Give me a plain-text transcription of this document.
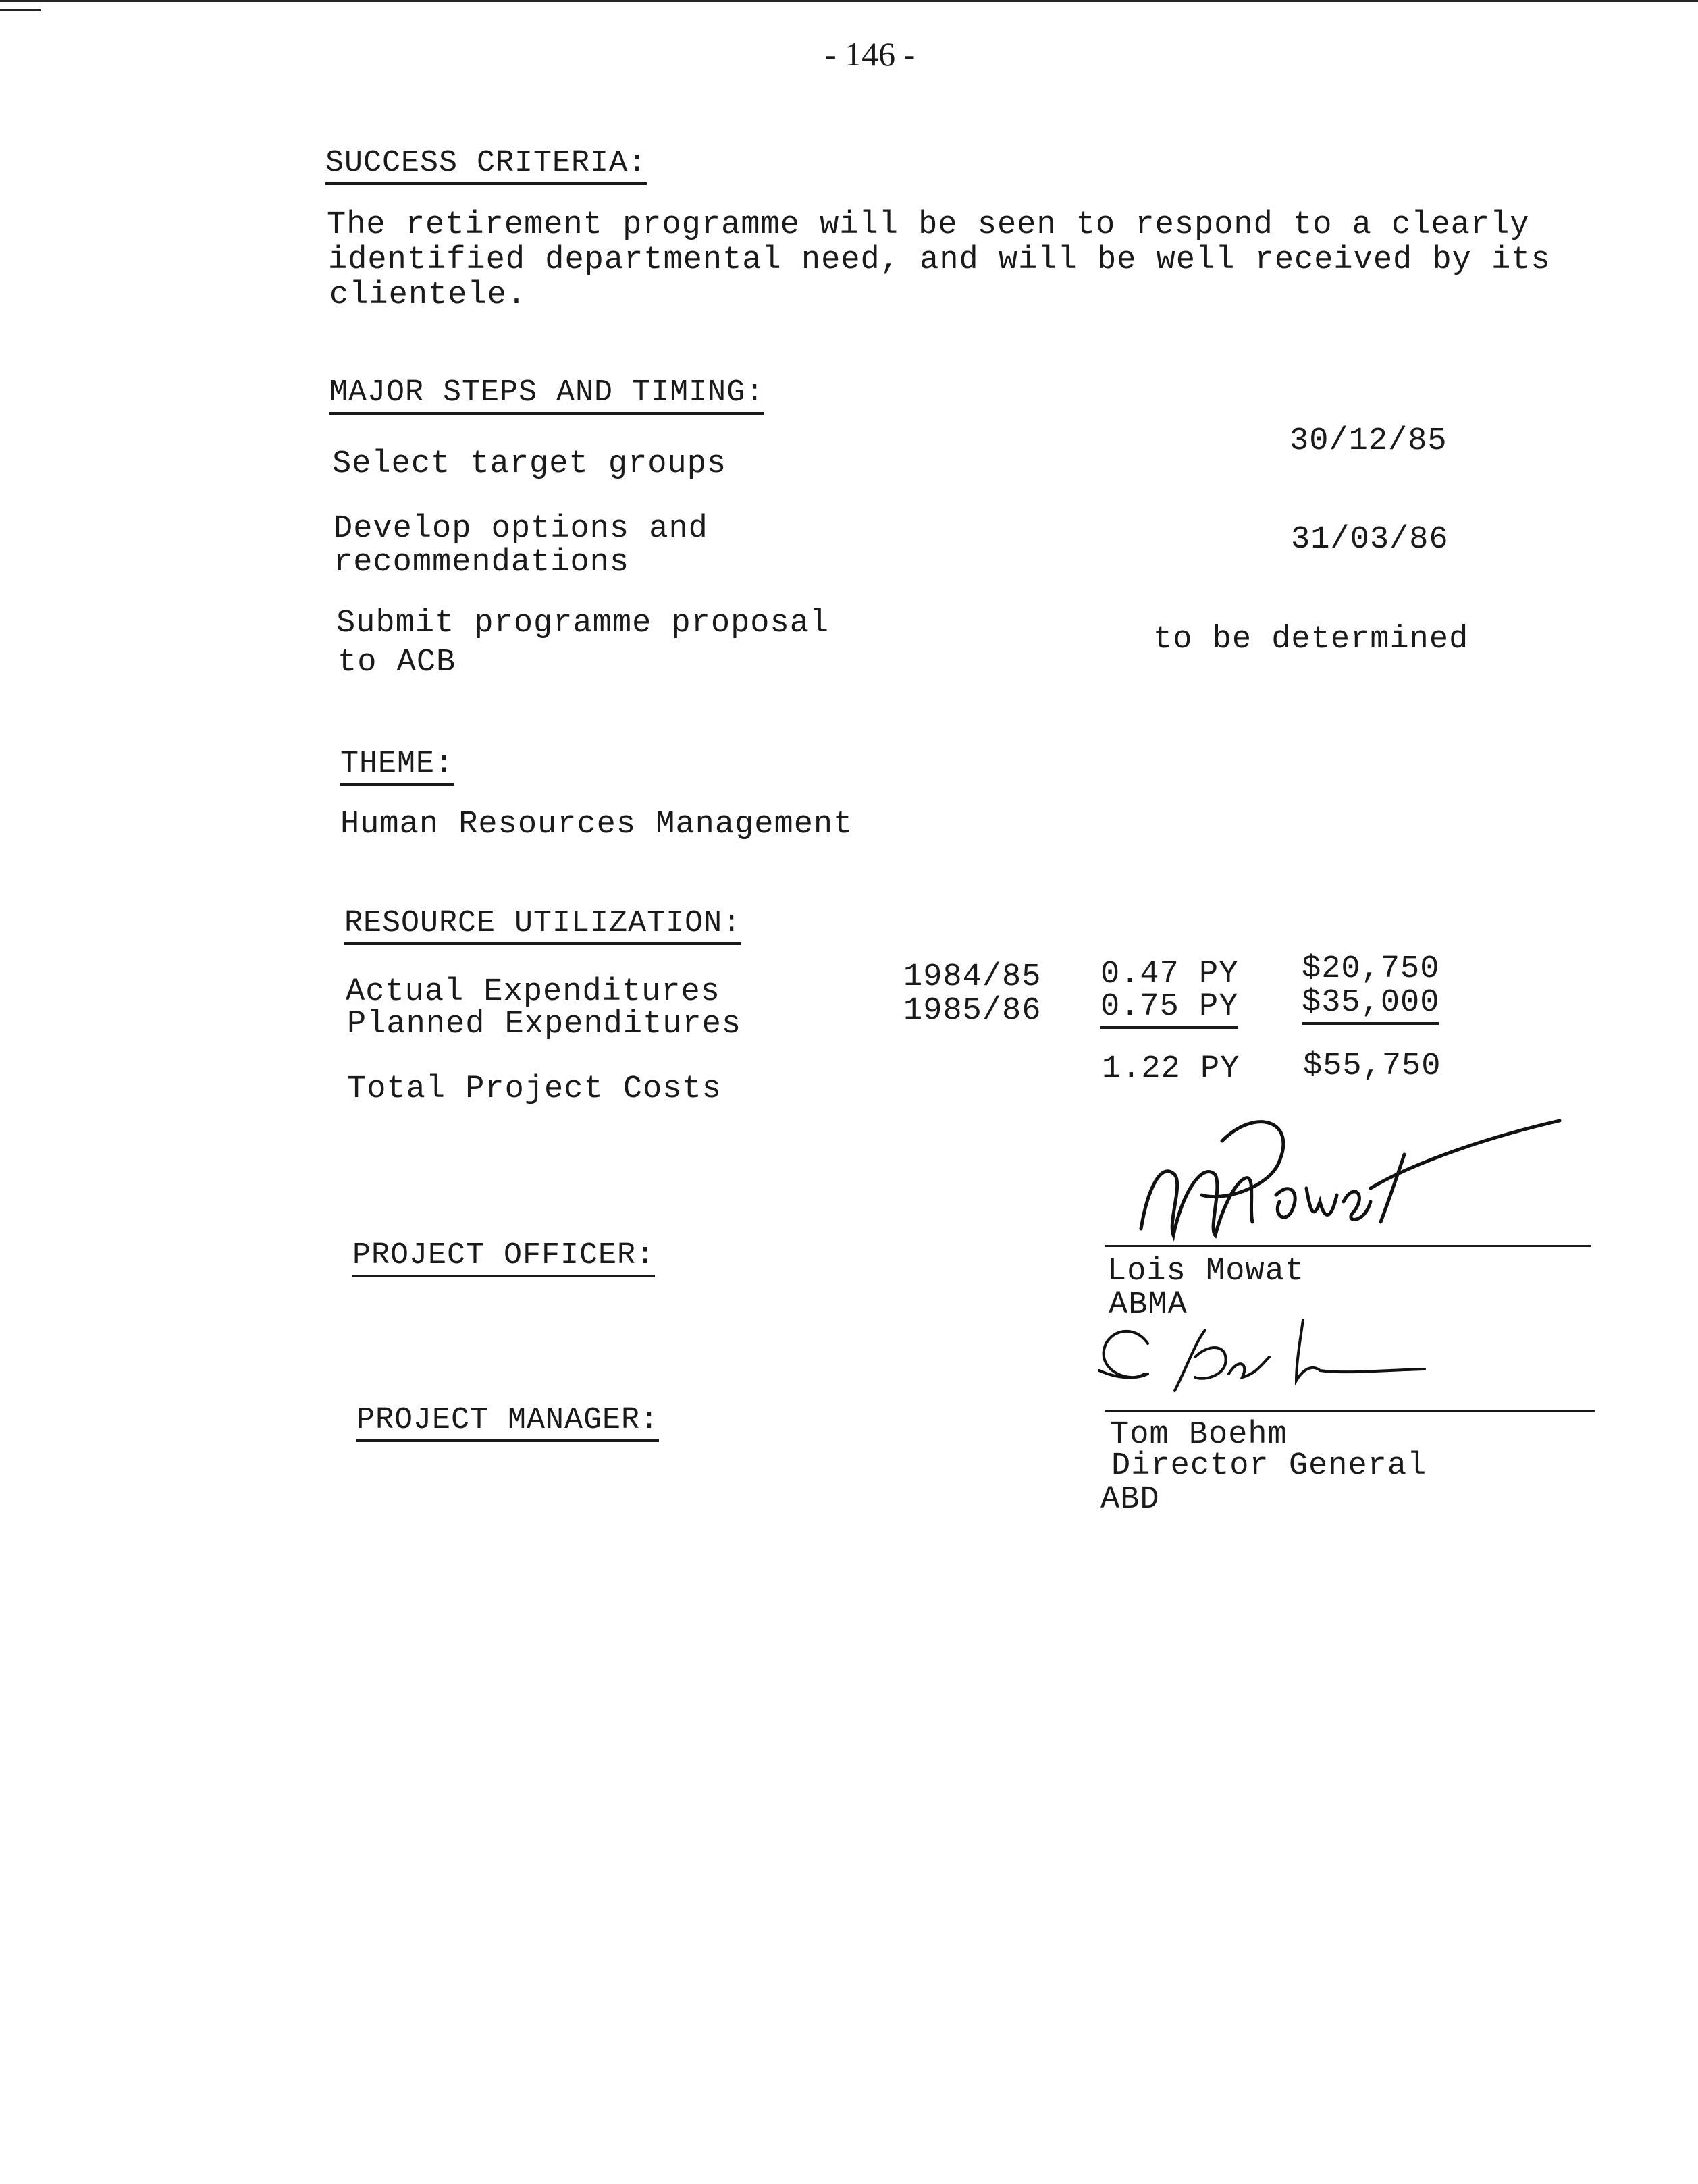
- 146 -
SUCCESS CRITERIA:
The retirement programme will be seen to respond to a clearly
identified departmental need, and will be well received by its
clientele.
MAJOR STEPS AND TIMING:
Select target groups
30/12/85
Develop options and
recommendations
31/03/86
Submit programme proposal
to ACB
to be determined
THEME:
Human Resources Management
RESOURCE UTILIZATION:
Actual Expenditures	1984/85 0.47 PY $20,750
Planned Expenditures	1985/86 0.75 PY $35,000
Total Project Costs
1.22 PY $55,750
PROJECT OFFICER:	Lois Mowat
ABMA
PROJECT MANAGER:	Tom Boehm
Director General
ABD
